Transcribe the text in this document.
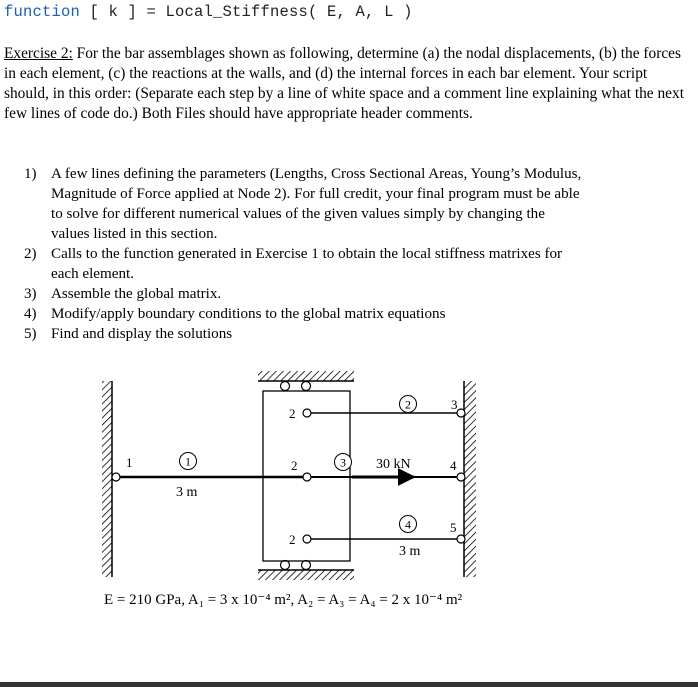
function [ k ] = Local_Stiffness( E, A, L )
Exercise 2: For the bar assemblages shown as following, determine (a) the nodal displacements, (b) the forces in each element, (c) the reactions at the walls, and (d) the internal forces in each bar element. Your script should, in this order: (Separate each step by a line of white space and a comment line explaining what the next few lines of code do.) Both Files should have appropriate header comments.
1) A few lines defining the parameters (Lengths, Cross Sectional Areas, Young’s Modulus, Magnitude of Force applied at Node 2). For full credit, your final program must be able to solve for different numerical values of the given values simply by changing the values listed in this section.
2) Calls to the function generated in Exercise 1 to obtain the local stiffness matrixes for each element.
3) Assemble the global matrix.
4) Modify/apply boundary conditions to the global matrix equations
5) Find and display the solutions
1
2
2
2
3
4
5
1
2
3
4
3 m
30 kN
3 m
E = 210 GPa, A₁ = 3 x 10⁻⁴ m², A₂ = A₃ = A₄ = 2 x 10⁻⁴ m²
